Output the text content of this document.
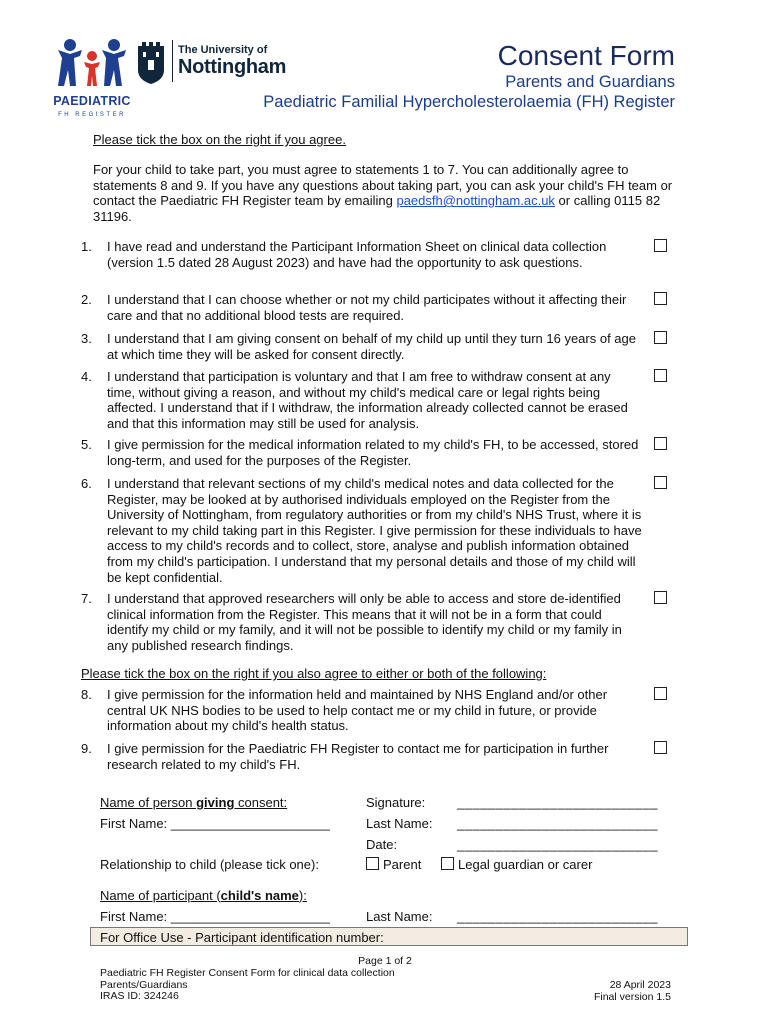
PAEDIATRIC
FH REGISTER
The University of
Nottingham	Consent Form
Parents and Guardians
Paediatric Familial Hypercholesterolaemia (FH) Register
Please tick the box on the right if you agree.
For your child to take part, you must agree to statements 1 to 7. You can additionally agree to statements 8 and 9. If you have any questions about taking part, you can ask your child's FH team or contact the Paediatric FH Register team by emailing paedsfh@nottingham.ac.uk or calling 0115 82 31196.
1. I have read and understand the Participant Information Sheet on clinical data collection (version 1.5 dated 28 August 2023) and have had the opportunity to ask questions.
2. I understand that I can choose whether or not my child participates without it affecting their care and that no additional blood tests are required.
3. I understand that I am giving consent on behalf of my child up until they turn 16 years of age at which time they will be asked for consent directly.
4. I understand that participation is voluntary and that I am free to withdraw consent at any time, without giving a reason, and without my child's medical care or legal rights being affected. I understand that if I withdraw, the information already collected cannot be erased and that this information may still be used for analysis.
5. I give permission for the medical information related to my child's FH, to be accessed, stored long-term, and used for the purposes of the Register.
6. I understand that relevant sections of my child's medical notes and data collected for the Register, may be looked at by authorised individuals employed on the Register from the University of Nottingham, from regulatory authorities or from my child's NHS Trust, where it is relevant to my child taking part in this Register. I give permission for these individuals to have access to my child's records and to collect, store, analyse and publish information obtained from my child's participation. I understand that my personal details and those of my child will be kept confidential.
7. I understand that approved researchers will only be able to access and store de-identified clinical information from the Register. This means that it will not be in a form that could identify my child or my family, and it will not be possible to identify my child or my family in any published research findings.
Please tick the box on the right if you also agree to either or both of the following:
8. I give permission for the information held and maintained by NHS England and/or other central UK NHS bodies to be used to help contact me or my child in future, or provide information about my child's health status.
9. I give permission for the Paediatric FH Register to contact me for participation in further research related to my child's FH.
Name of person giving consent:	Signature: __________________________
First Name: ______________________	Last Name: __________________________
Date:	__________________________
Relationship to child (please tick one):	Parent	Legal guardian or carer
Name of participant (child's name):
First Name: ______________________	Last Name: __________________________
For Office Use - Participant identification number:
Page 1 of 2
Paediatric FH Register Consent Form for clinical data collection
Parents/Guardians
IRAS ID: 324246
28 April 2023
Final version 1.5
